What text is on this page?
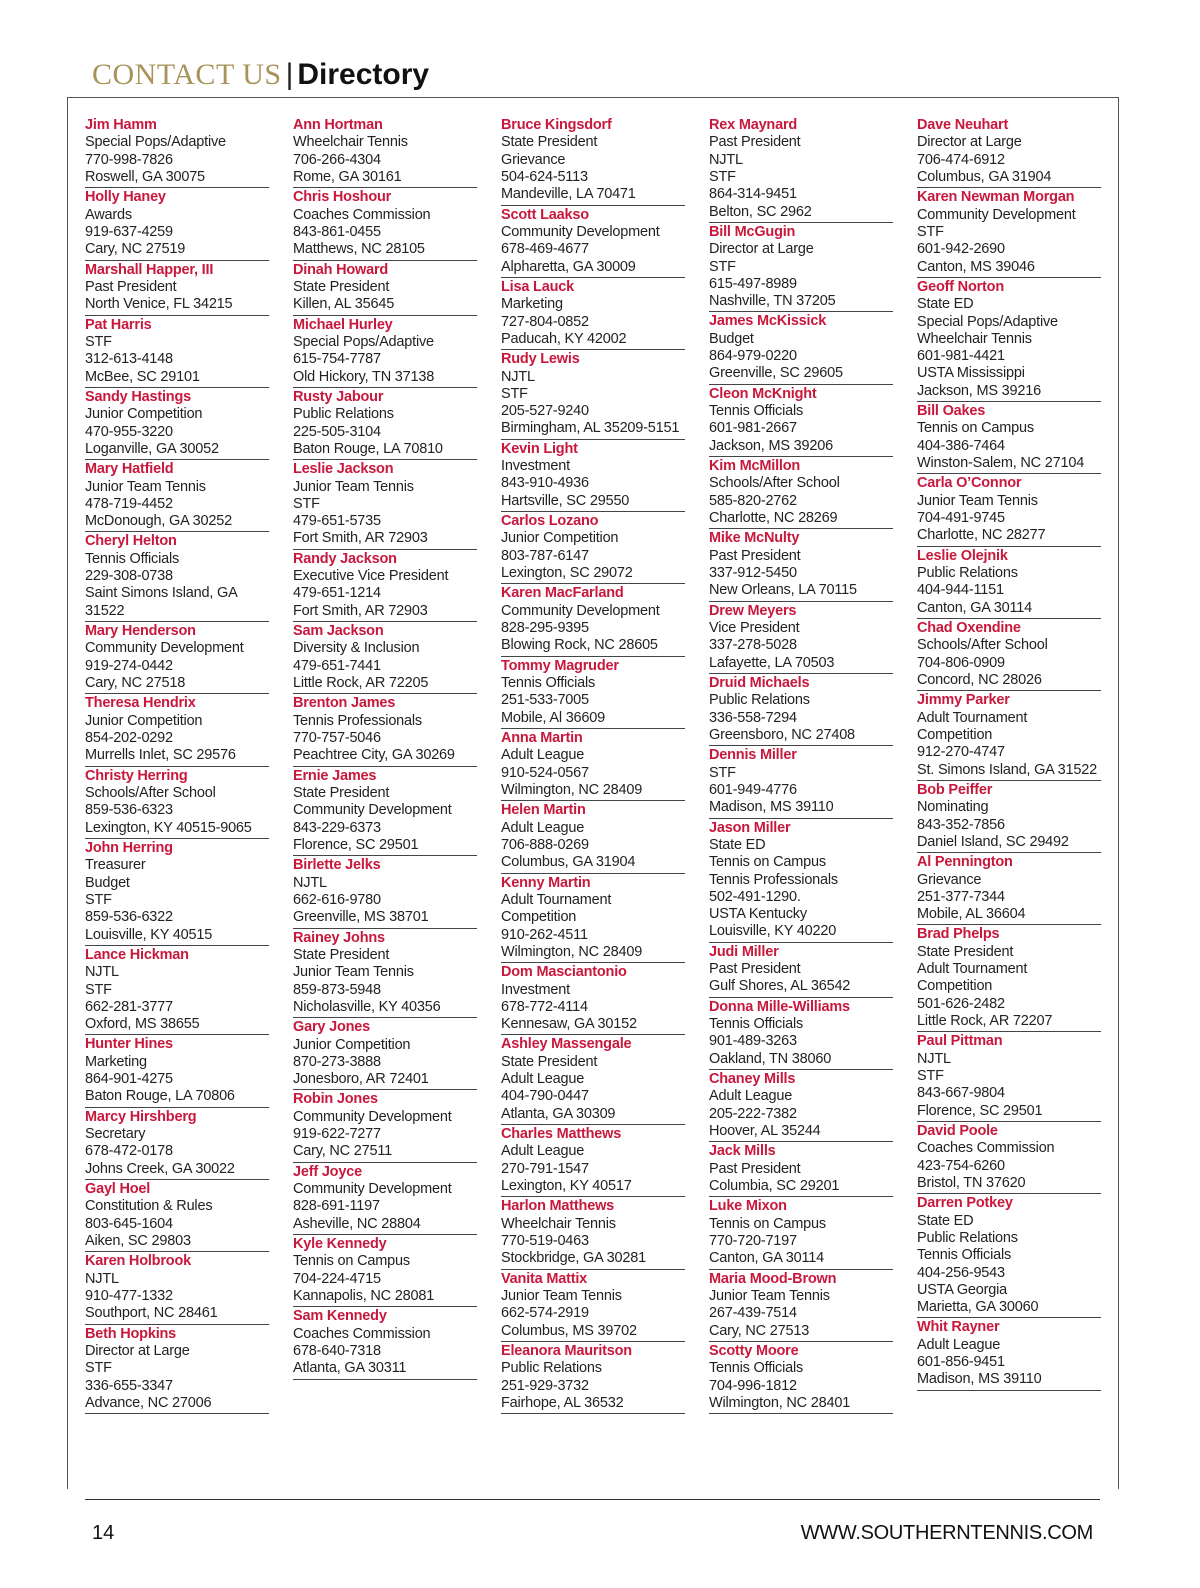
CONTACT US | Directory
Jim Hamm
Special Pops/Adaptive
770-998-7826
Roswell, GA 30075
Holly Haney
Awards
919-637-4259
Cary, NC 27519
Marshall Happer, III
Past President
North Venice, FL 34215
Pat Harris
STF
312-613-4148
McBee, SC 29101
Sandy Hastings
Junior Competition
470-955-3220
Loganville, GA 30052
Mary Hatfield
Junior Team Tennis
478-719-4452
McDonough, GA 30252
Cheryl Helton
Tennis Officials
229-308-0738
Saint Simons Island, GA
31522
Mary Henderson
Community Development
919-274-0442
Cary, NC 27518
Theresa Hendrix
Junior Competition
854-202-0292
Murrells Inlet, SC 29576
Christy Herring
Schools/After School
859-536-6323
Lexington, KY 40515-9065
John Herring
Treasurer
Budget
STF
859-536-6322
Louisville, KY 40515
Lance Hickman
NJTL
STF
662-281-3777
Oxford, MS 38655
Hunter Hines
Marketing
864-901-4275
Baton Rouge, LA 70806
Marcy Hirshberg
Secretary
678-472-0178
Johns Creek, GA 30022
Gayl Hoel
Constitution & Rules
803-645-1604
Aiken, SC 29803
Karen Holbrook
NJTL
910-477-1332
Southport, NC 28461
Beth Hopkins
Director at Large
STF
336-655-3347
Advance, NC 27006
Ann Hortman
Wheelchair Tennis
706-266-4304
Rome, GA 30161
Chris Hoshour
Coaches Commission
843-861-0455
Matthews, NC 28105
Dinah Howard
State President
Killen, AL 35645
Michael Hurley
Special Pops/Adaptive
615-754-7787
Old Hickory, TN 37138
Rusty Jabour
Public Relations
225-505-3104
Baton Rouge, LA 70810
Leslie Jackson
Junior Team Tennis
STF
479-651-5735
Fort Smith, AR 72903
Randy Jackson
Executive Vice President
479-651-1214
Fort Smith, AR 72903
Sam Jackson
Diversity & Inclusion
479-651-7441
Little Rock, AR 72205
Brenton James
Tennis Professionals
770-757-5046
Peachtree City, GA 30269
Ernie James
State President
Community Development
843-229-6373
Florence, SC 29501
Birlette Jelks
NJTL
662-616-9780
Greenville, MS 38701
Rainey Johns
State President
Junior Team Tennis
859-873-5948
Nicholasville, KY 40356
Gary Jones
Junior Competition
870-273-3888
Jonesboro, AR 72401
Robin Jones
Community Development
919-622-7277
Cary, NC 27511
Jeff Joyce
Community Development
828-691-1197
Asheville, NC 28804
Kyle Kennedy
Tennis on Campus
704-224-4715
Kannapolis, NC 28081
Sam Kennedy
Coaches Commission
678-640-7318
Atlanta, GA 30311
Bruce Kingsdorf
State President
Grievance
504-624-5113
Mandeville, LA 70471
Scott Laakso
Community Development
678-469-4677
Alpharetta, GA 30009
Lisa Lauck
Marketing
727-804-0852
Paducah, KY 42002
Rudy Lewis
NJTL
STF
205-527-9240
Birmingham, AL 35209-5151
Kevin Light
Investment
843-910-4936
Hartsville, SC 29550
Carlos Lozano
Junior Competition
803-787-6147
Lexington, SC 29072
Karen MacFarland
Community Development
828-295-9395
Blowing Rock, NC 28605
Tommy Magruder
Tennis Officials
251-533-7005
Mobile, Al 36609
Anna Martin
Adult League
910-524-0567
Wilmington, NC 28409
Helen Martin
Adult League
706-888-0269
Columbus, GA 31904
Kenny Martin
Adult Tournament
Competition
910-262-4511
Wilmington, NC 28409
Dom Masciantonio
Investment
678-772-4114
Kennesaw, GA 30152
Ashley Massengale
State President
Adult League
404-790-0447
Atlanta, GA 30309
Charles Matthews
Adult League
270-791-1547
Lexington, KY 40517
Harlon Matthews
Wheelchair Tennis
770-519-0463
Stockbridge, GA 30281
Vanita Mattix
Junior Team Tennis
662-574-2919
Columbus, MS 39702
Eleanora Mauritson
Public Relations
251-929-3732
Fairhope, AL 36532
Rex Maynard
Past President
NJTL
STF
864-314-9451
Belton, SC 2962
Bill McGugin
Director at Large
STF
615-497-8989
Nashville, TN 37205
James McKissick
Budget
864-979-0220
Greenville, SC 29605
Cleon McKnight
Tennis Officials
601-981-2667
Jackson, MS 39206
Kim McMillon
Schools/After School
585-820-2762
Charlotte, NC 28269
Mike McNulty
Past President
337-912-5450
New Orleans, LA 70115
Drew Meyers
Vice President
337-278-5028
Lafayette, LA 70503
Druid Michaels
Public Relations
336-558-7294
Greensboro, NC 27408
Dennis Miller
STF
601-949-4776
Madison, MS 39110
Jason Miller
State ED
Tennis on Campus
Tennis Professionals
502-491-1290.
USTA Kentucky
Louisville, KY 40220
Judi Miller
Past President
Gulf Shores, AL 36542
Donna Mille-Williams
Tennis Officials
901-489-3263
Oakland, TN 38060
Chaney Mills
Adult League
205-222-7382
Hoover, AL 35244
Jack Mills
Past President
Columbia, SC 29201
Luke Mixon
Tennis on Campus
770-720-7197
Canton, GA 30114
Maria Mood-Brown
Junior Team Tennis
267-439-7514
Cary, NC 27513
Scotty Moore
Tennis Officials
704-996-1812
Wilmington, NC 28401
Dave Neuhart
Director at Large
706-474-6912
Columbus, GA 31904
Karen Newman Morgan
Community Development
STF
601-942-2690
Canton, MS 39046
Geoff Norton
State ED
Special Pops/Adaptive
Wheelchair Tennis
601-981-4421
USTA Mississippi
Jackson, MS 39216
Bill Oakes
Tennis on Campus
404-386-7464
Winston-Salem, NC 27104
Carla O’Connor
Junior Team Tennis
704-491-9745
Charlotte, NC 28277
Leslie Olejnik
Public Relations
404-944-1151
Canton, GA 30114
Chad Oxendine
Schools/After School
704-806-0909
Concord, NC 28026
Jimmy Parker
Adult Tournament
Competition
912-270-4747
St. Simons Island, GA 31522
Bob Peiffer
Nominating
843-352-7856
Daniel Island, SC 29492
Al Pennington
Grievance
251-377-7344
Mobile, AL 36604
Brad Phelps
State President
Adult Tournament
Competition
501-626-2482
Little Rock, AR 72207
Paul Pittman
NJTL
STF
843-667-9804
Florence, SC 29501
David Poole
Coaches Commission
423-754-6260
Bristol, TN 37620
Darren Potkey
State ED
Public Relations
Tennis Officials
404-256-9543
USTA Georgia
Marietta, GA 30060
Whit Rayner
Adult League
601-856-9451
Madison, MS 39110
14	WWW.SOUTHERNTENNIS.COM
